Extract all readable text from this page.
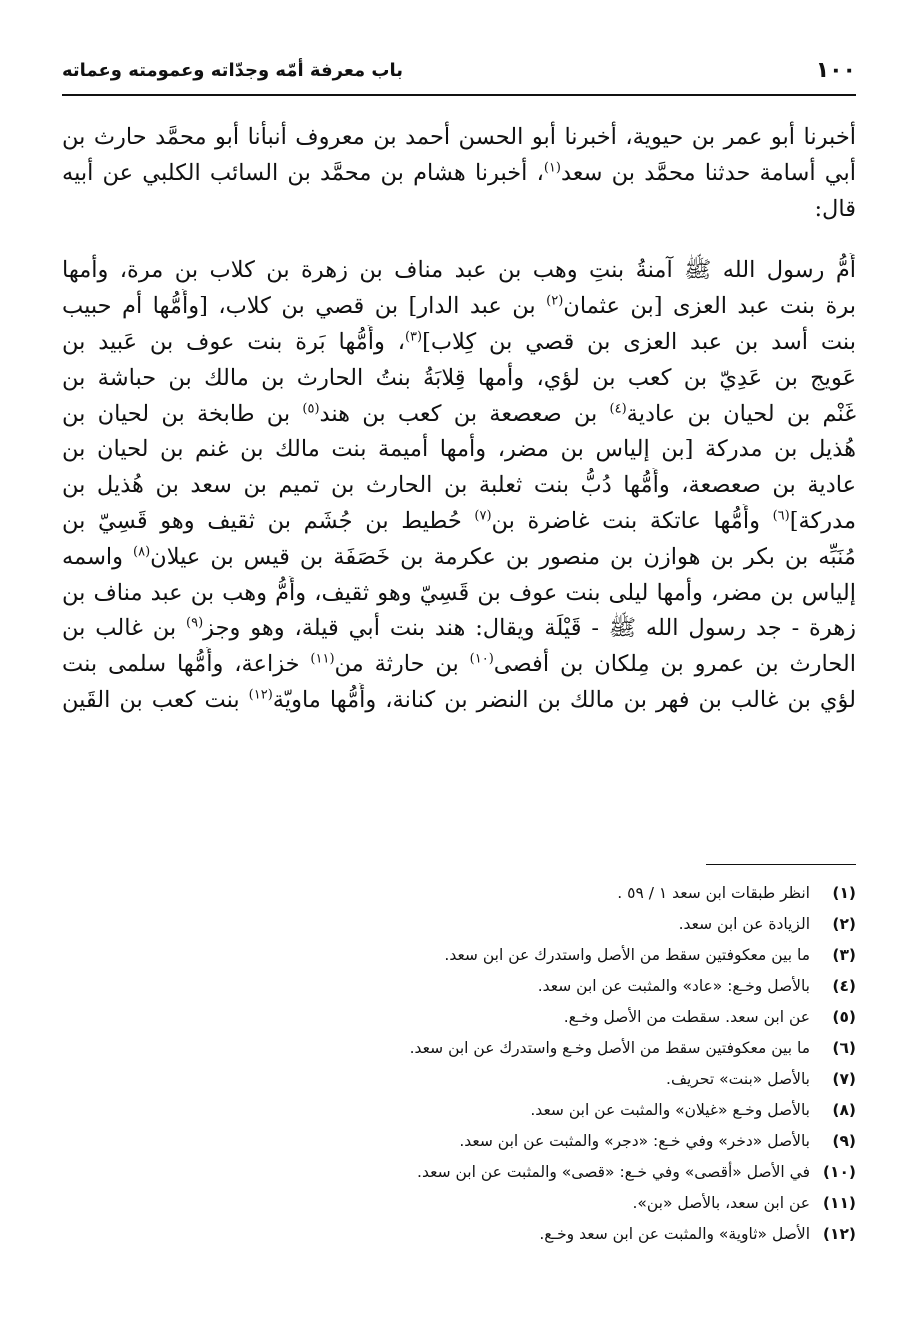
١٠٠
باب معرفة أمّه وجدّاته وعمومته وعماته

أخبرنا أبو عمر بن حيوية، أخبرنا أبو الحسن أحمد بن معروف أنبأنا أبو محمَّد حارث بن
أبي أسامة حدثنا محمَّد بن سعد$^{(١)}$، أخبرنا هشام بن محمَّد بن السائب الكلبي عن أبيه
قال:

أُمُّ رسول الله ﷺ آمنةُ بنتِ وهب بن عبد مناف بن زهرة بن كلاب بن مرة، وأمها
برة بنت عبد العزى [بن عثمان$^{(٢)}$ بن عبد الدار] بن قصي بن كلاب، [وأُمُّها أم حبيب
بنت أسد بن عبد العزى بن قصي بن كِلاب]$^{(٣)}$، وأُمُّها بَرة بنت عوف بن عَبيد بن
عَويج بن عَدِيّ بن كعب بن لؤي، وأمها قِلابَةُ بنتُ الحارث بن مالك بن حباشة بن
غَنْم بن لحيان بن عادية$^{(٤)}$ بن صعصعة بن كعب بن هند$^{(٥)}$ بن طابخة بن لحيان بن
هُذيل بن مدركة [بن إلياس بن مضر، وأمها أميمة بنت مالك بن غنم بن لحيان بن
عادية بن صعصعة، وأُمُّها دُبُّ بنت ثعلبة بن الحارث بن تميم بن سعد بن هُذيل بن
مدركة]$^{(٦)}$ وأُمُّها عاتكة بنت غاضرة بن$^{(٧)}$ حُطيط بن جُشَم بن ثقيف وهو قَسِيّ بن
مُنَبِّه بن بكر بن هوازن بن منصور بن عكرمة بن خَصَفَة بن قيس بن عيلان$^{(٨)}$ واسمه
إلياس بن مضر، وأمها ليلى بنت عوف بن قَسِيّ وهو ثقيف، وأُمُّ وهب بن عبد مناف بن
زهرة - جد رسول الله ﷺ - قَيْلَة ويقال: هند بنت أبي قيلة، وهو وجز$^{(٩)}$ بن غالب بن
الحارث بن عمرو بن مِلكان بن أفصى$^{(١٠)}$ بن حارثة من$^{(١١)}$ خزاعة، وأُمُّها سلمى بنت
لؤي بن غالب بن فهر بن مالك بن النضر بن كنانة، وأُمُّها ماويّة$^{(١٢)}$ بنت كعب بن القَين

(١)
انظر طبقات ابن سعد ١ / ٥٩ .
(٢)
الزيادة عن ابن سعد.
(٣)
ما بين معكوفتين سقط من الأصل واستدرك عن ابن سعد.
(٤)
بالأصل وخـع: «عاد» والمثبت عن ابن سعد.
(٥)
عن ابن سعد. سقطت من الأصل وخـع.
(٦)
ما بين معكوفتين سقط من الأصل وخـع واستدرك عن ابن سعد.
(٧)
بالأصل «بنت» تحريف.
(٨)
بالأصل وخـع «غيلان» والمثبت عن ابن سعد.
(٩)
بالأصل «دخر» وفي خـع: «دجر» والمثبت عن ابن سعد.
(١٠)
في الأصل «أقصى» وفي خـع: «قصى» والمثبت عن ابن سعد.
(١١)
عن ابن سعد، بالأصل «بن».
(١٢)
الأصل «ثاوية» والمثبت عن ابن سعد وخـع.
